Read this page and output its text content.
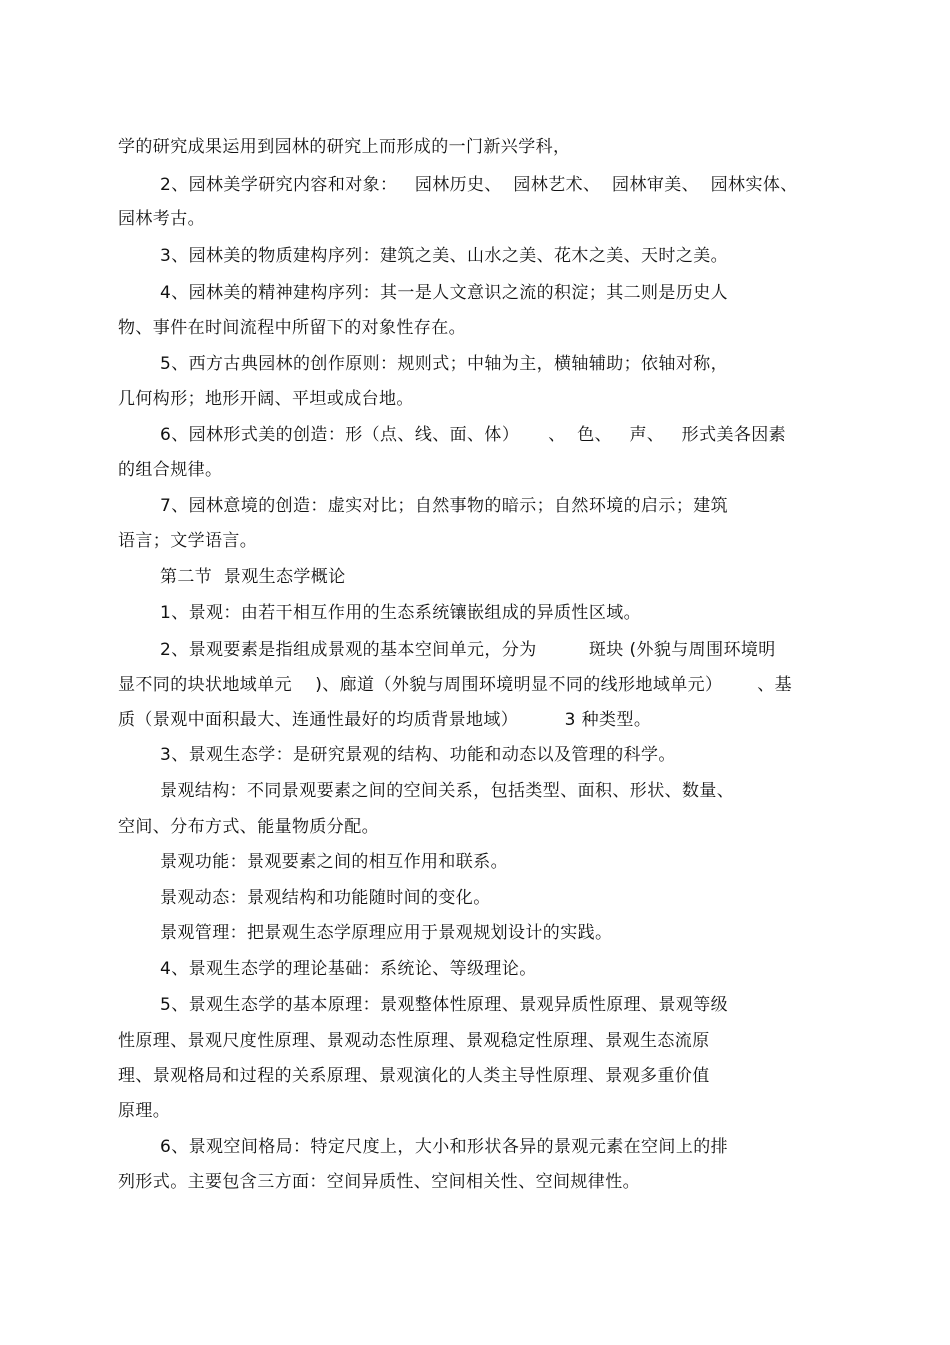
学的研究成果运用到园林的研究上而形成的一门新兴学科，

2、园林美学研究内容和对象：   园林历史、  园林艺术、  园林审美、  园林实体、

园林考古。

3、园林美的物质建构序列：建筑之美、山水之美、花木之美、天时之美。

4、园林美的精神建构序列：其一是人文意识之流的积淀；其二则是历史人

物、事件在时间流程中所留下的对象性存在。

5、西方古典园林的创作原则：规则式；中轴为主，横轴辅助；依轴对称，

几何构形；地形开阔、平坦或成台地。

6、园林形式美的创造：形（点、线、面、体）     、  色、   声、   形式美各因素

的组合规律。

7、园林意境的创造：虚实对比；自然事物的暗示；自然环境的启示；建筑

语言；文学语言。

第二节  景观生态学概论

1、景观：由若干相互作用的生态系统镶嵌组成的异质性区域。

2、景观要素是指组成景观的基本空间单元，分为         斑块 (外貌与周围环境明

显不同的块状地域单元    )、廊道（外貌与周围环境明显不同的线形地域单元）      、基

质（景观中面积最大、连通性最好的均质背景地域）        3 种类型。

3、景观生态学：是研究景观的结构、功能和动态以及管理的科学。

景观结构：不同景观要素之间的空间关系，包括类型、面积、形状、数量、

空间、分布方式、能量物质分配。

景观功能：景观要素之间的相互作用和联系。

景观动态：景观结构和功能随时间的变化。

景观管理：把景观生态学原理应用于景观规划设计的实践。

4、景观生态学的理论基础：系统论、等级理论。

5、景观生态学的基本原理：景观整体性原理、景观异质性原理、景观等级

性原理、景观尺度性原理、景观动态性原理、景观稳定性原理、景观生态流原

理、景观格局和过程的关系原理、景观演化的人类主导性原理、景观多重价值

原理。

6、景观空间格局：特定尺度上，大小和形状各异的景观元素在空间上的排

列形式。主要包含三方面：空间异质性、空间相关性、空间规律性。
